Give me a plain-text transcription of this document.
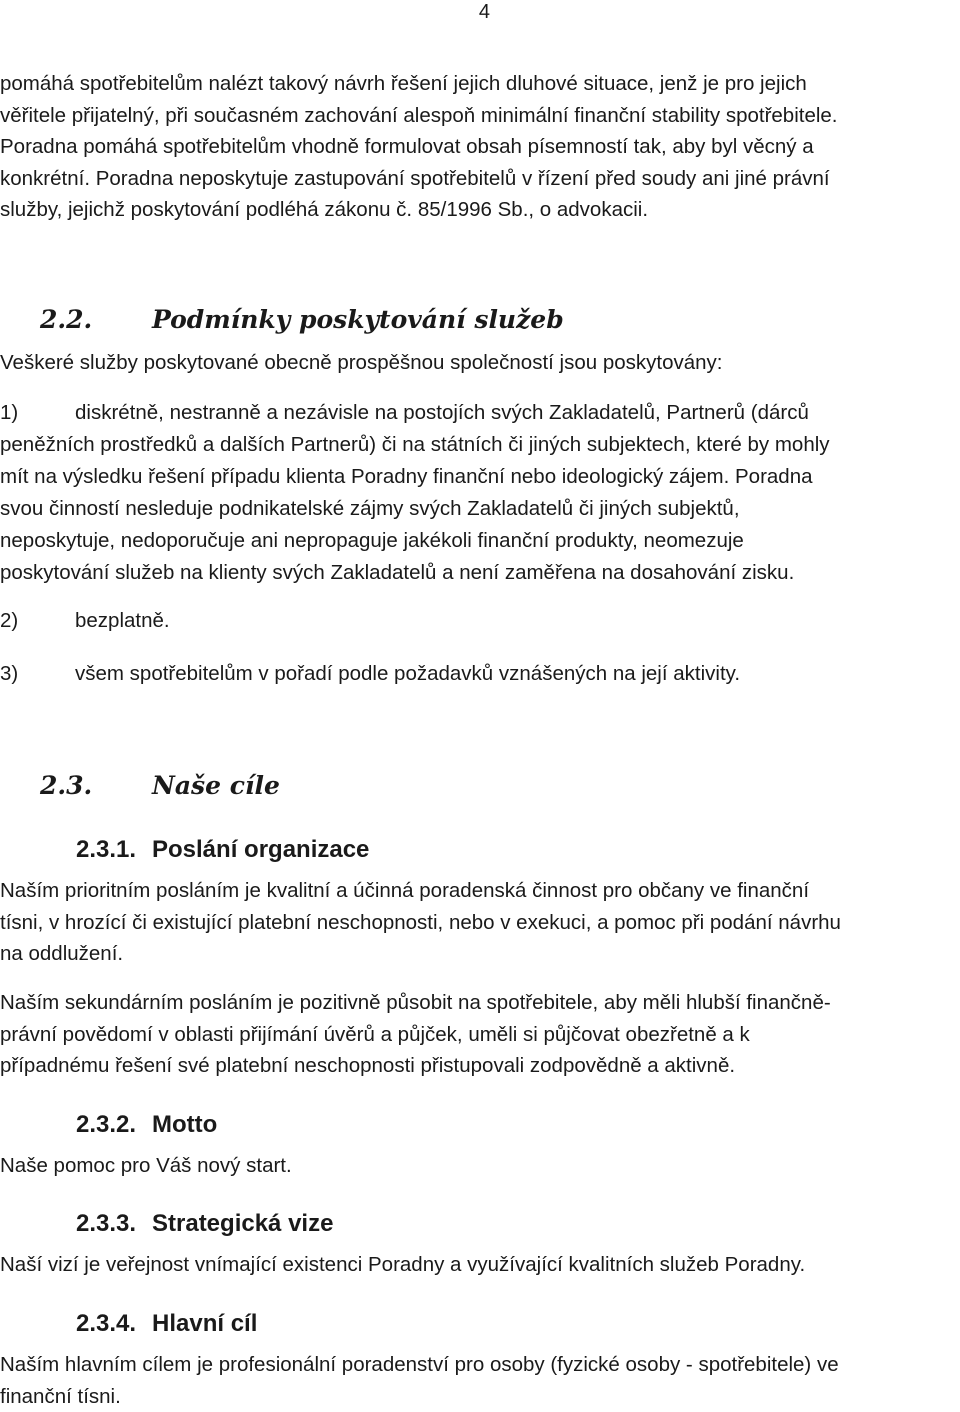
4
pomáhá spotřebitelům nalézt takový návrh řešení jejich dluhové situace, jenž je pro jejich
věřitele přijatelný, při současném zachování alespoň minimální finanční stability spotřebitele.
Poradna pomáhá spotřebitelům vhodně formulovat obsah písemností tak, aby byl věcný a
konkrétní. Poradna neposkytuje zastupování spotřebitelů v řízení před soudy ani jiné právní
služby, jejichž poskytování podléhá zákonu č. 85/1996 Sb., o advokacii.
2.2. Podmínky poskytování služeb
Veškeré služby poskytované obecně prospěšnou společností jsou poskytovány:
1)	diskrétně, nestranně a nezávisle na postojích svých Zakladatelů, Partnerů (dárců
peněžních prostředků a dalších Partnerů) či na státních či jiných subjektech, které by mohly
mít na výsledku řešení případu klienta Poradny finanční nebo ideologický zájem. Poradna
svou činností nesleduje podnikatelské zájmy svých Zakladatelů či jiných subjektů,
neposkytuje, nedoporučuje ani nepropaguje jakékoli finanční produkty, neomezuje
poskytování služeb na klienty svých Zakladatelů a není zaměřena na dosahování zisku.
2)	bezplatně.
3)	všem spotřebitelům v pořadí podle požadavků vznášených na její aktivity.
2.3. Naše cíle
2.3.1. Poslání organizace
Naším prioritním posláním je kvalitní a účinná poradenská činnost pro občany ve finanční
tísni, v hrozící či existující platební neschopnosti, nebo v exekuci, a pomoc při podání návrhu
na oddlužení.
Naším sekundárním posláním je pozitivně působit na spotřebitele, aby měli hlubší finančně-
právní povědomí v oblasti přijímání úvěrů a půjček, uměli si půjčovat obezřetně a k
případnému řešení své platební neschopnosti přistupovali zodpovědně a aktivně.
2.3.2. Motto
Naše pomoc pro Váš nový start.
2.3.3. Strategická vize
Naší vizí je veřejnost vnímající existenci Poradny a využívající kvalitních služeb Poradny.
2.3.4. Hlavní cíl
Naším hlavním cílem je profesionální poradenství pro osoby (fyzické osoby - spotřebitele) ve
finanční tísni.
